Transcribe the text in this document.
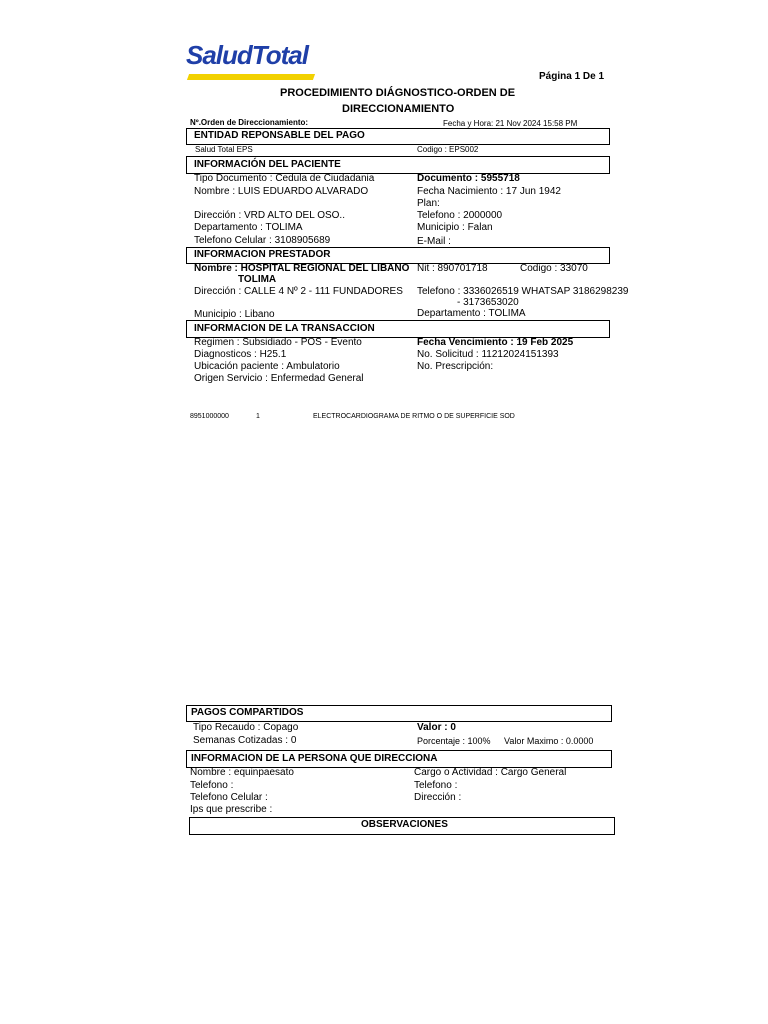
SaludTotal
Página 1 De 1
PROCEDIMIENTO DIÁGNOSTICO-ORDEN DE
DIRECCIONAMIENTO
Nº.Orden de Direccionamiento:	Fecha y Hora: 21 Nov 2024 15:58 PM
ENTIDAD REPONSABLE DEL PAGO
Salud Total EPS	Codigo : EPS002
INFORMACIÓN DEL PACIENTE
Tipo Documento : Cedula de Ciudadania	Documento : 5955718
Nombre : LUIS EDUARDO ALVARADO	Fecha Nacimiento : 17 Jun 1942
Plan:
Dirección : VRD ALTO DEL OSO..	Telefono : 2000000
Departamento : TOLIMA	Municipio : Falan
Telefono Celular : 3108905689	E-Mail :
INFORMACION PRESTADOR
Nombre : HOSPITAL REGIONAL DEL LIBANO
TOLIMA
Nit : 890701718	Codigo : 33070
Dirección : CALLE 4 Nº 2 - 111 FUNDADORES Telefono : 3336026519 WHATSAP 3186298239
- 3173653020
Municipio : Libano	Departamento : TOLIMA
INFORMACION DE LA TRANSACCION
Regimen : Subsidiado - POS - Evento	Fecha Vencimiento : 19 Feb 2025
Diagnosticos : H25.1	No. Solicitud : 11212024151393
Ubicación paciente : Ambulatorio	No. Prescripción:
Origen Servicio : Enfermedad General
8951000000	1	ELECTROCARDIOGRAMA DE RITMO O DE SUPERFICIE SOD
PAGOS COMPARTIDOS
Tipo Recaudo : Copago	Valor : 0
Semanas Cotizadas : 0	Porcentaje : 100% Valor Maximo : 0.0000
INFORMACION DE LA PERSONA QUE DIRECCIONA
Nombre : equinpaesato	Cargo o Actividad : Cargo General
Telefono :	Telefono :
Telefono Celular :	Dirección :
Ips que prescribe :
OBSERVACIONES
